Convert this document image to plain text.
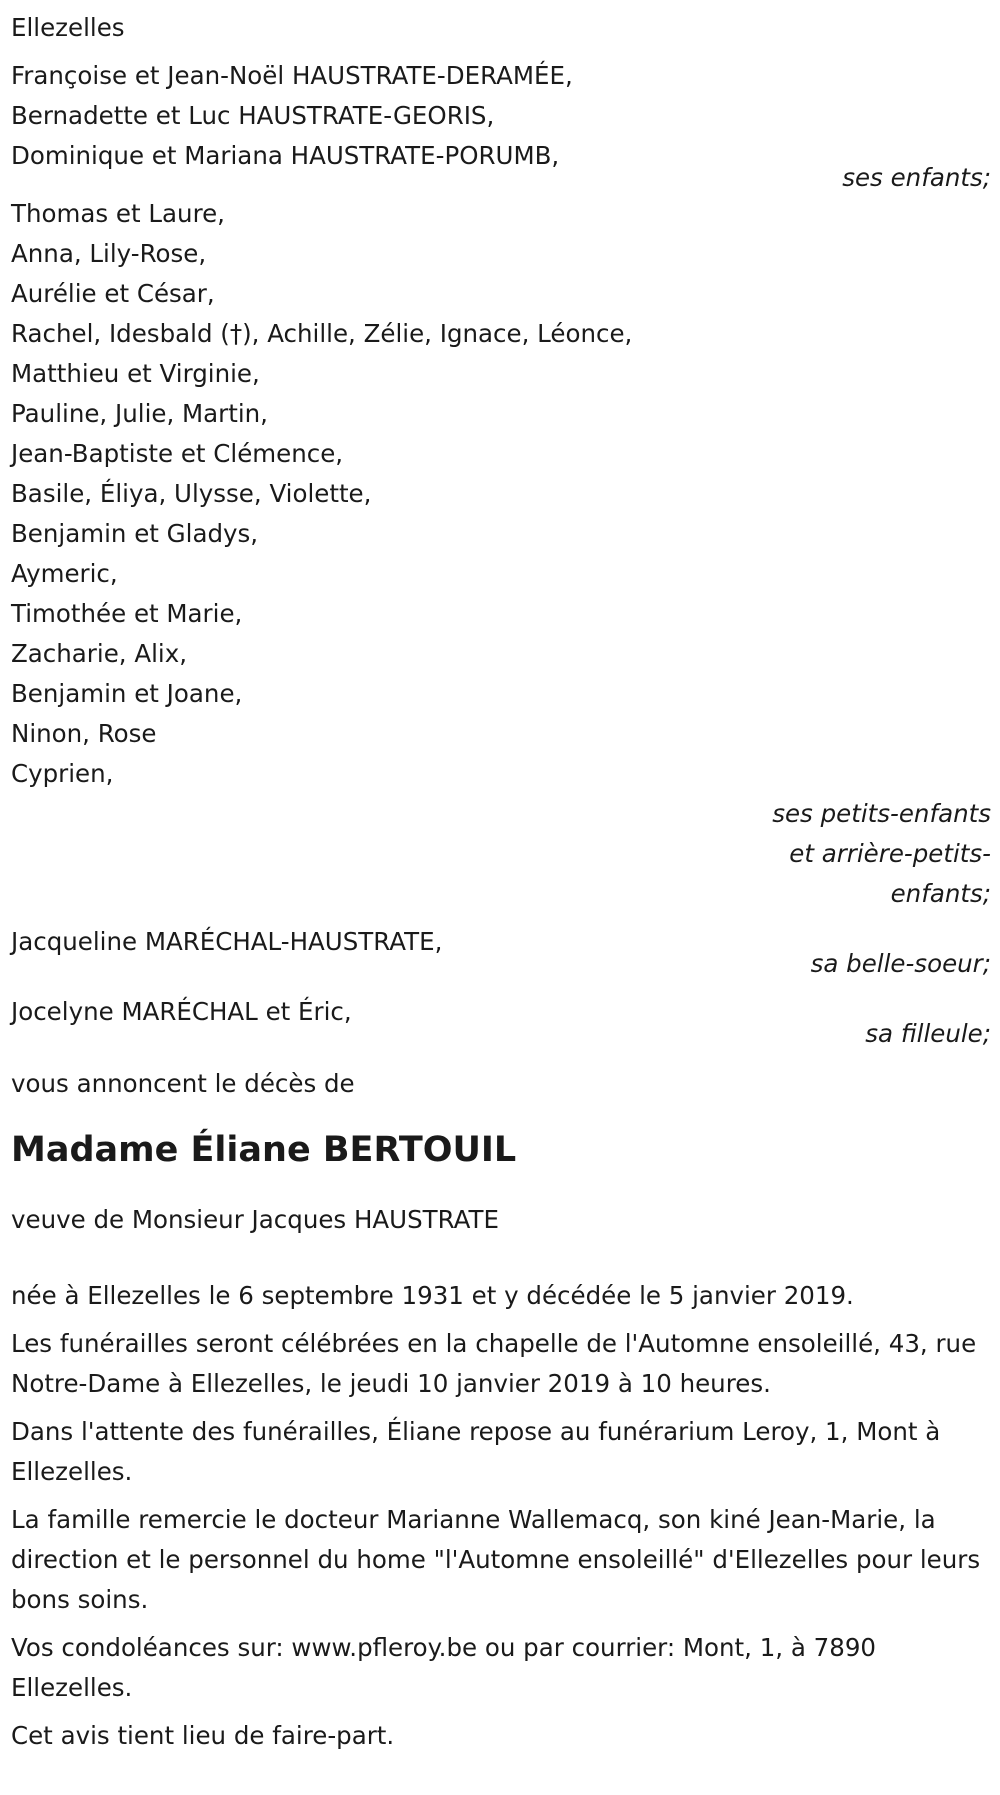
Ellezelles
Françoise et Jean-Noël HAUSTRATE-DERAMÉE,
Bernadette et Luc HAUSTRATE-GEORIS,
Dominique et Mariana HAUSTRATE-PORUMB,
ses enfants;
Thomas et Laure,
Anna, Lily-Rose,
Aurélie et César,
Rachel, Idesbald (†), Achille, Zélie, Ignace, Léonce,
Matthieu et Virginie,
Pauline, Julie, Martin,
Jean-Baptiste et Clémence,
Basile, Éliya, Ulysse, Violette,
Benjamin et Gladys,
Aymeric,
Timothée et Marie,
Zacharie, Alix,
Benjamin et Joane,
Ninon, Rose
Cyprien,
ses petits-enfants
et arrière-petits-
enfants;
Jacqueline MARÉCHAL-HAUSTRATE,
sa belle-soeur;
Jocelyne MARÉCHAL et Éric,
sa filleule;
vous annoncent le décès de
Madame Éliane BERTOUIL
veuve de Monsieur Jacques HAUSTRATE
née à Ellezelles le 6 septembre 1931 et y décédée le 5 janvier 2019.
Les funérailles seront célébrées en la chapelle de l'Automne ensoleillé, 43, rue Notre-Dame à Ellezelles, le jeudi 10 janvier 2019 à 10 heures.
Dans l'attente des funérailles, Éliane repose au funérarium Leroy, 1, Mont à Ellezelles.
La famille remercie le docteur Marianne Wallemacq, son kiné Jean-Marie, la direction et le personnel du home "l'Automne ensoleillé" d'Ellezelles pour leurs bons soins.
Vos condoléances sur: www.pfleroy.be ou par courrier: Mont, 1, à 7890 Ellezelles.
Cet avis tient lieu de faire-part.
